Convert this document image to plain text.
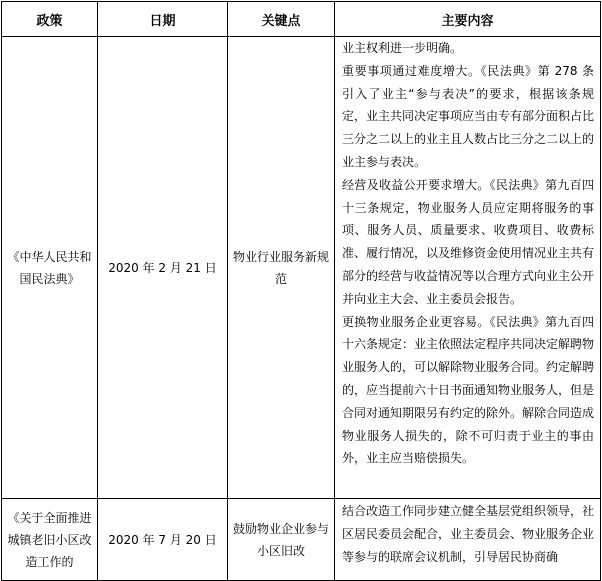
政策	日期	关键点	主要内容
《中华人民共和国民法典》	2020 年 2 月 21 日	物业行业服务新规范	业主权利进一步明确。
重要事项通过难度增大。《民法典》第 278 条引入了业主“参与表决”的要求，根据该条规定，业主共同决定事项应当由专有部分面积占比三分之二以上的业主且人数占比三分之二以上的业主参与表决。
经营及收益公开要求增大。《民法典》第九百四十三条规定，物业服务人员应定期将服务的事项、服务人员、质量要求、收费项目、收费标准、履行情况，以及维修资金使用情况业主共有部分的经营与收益情况等以合理方式向业主公开并向业主大会、业主委员会报告。
更换物业服务企业更容易。《民法典》第九百四十六条规定：业主依照法定程序共同决定解聘物业服务人的，可以解除物业服务合同。约定解聘的，应当提前六十日书面通知物业服务人，但是合同对通知期限另有约定的除外。解除合同造成物业服务人损失的，除不可归责于业主的事由外，业主应当赔偿损失。

《关于全面推进城镇老旧小区改造工作的	2020 年 7 月 20 日	鼓励物业企业参与小区旧改	结合改造工作同步建立健全基层党组织领导，社区居民委员会配合，业主委员会、物业服务企业等参与的联席会议机制，引导居民协商确
